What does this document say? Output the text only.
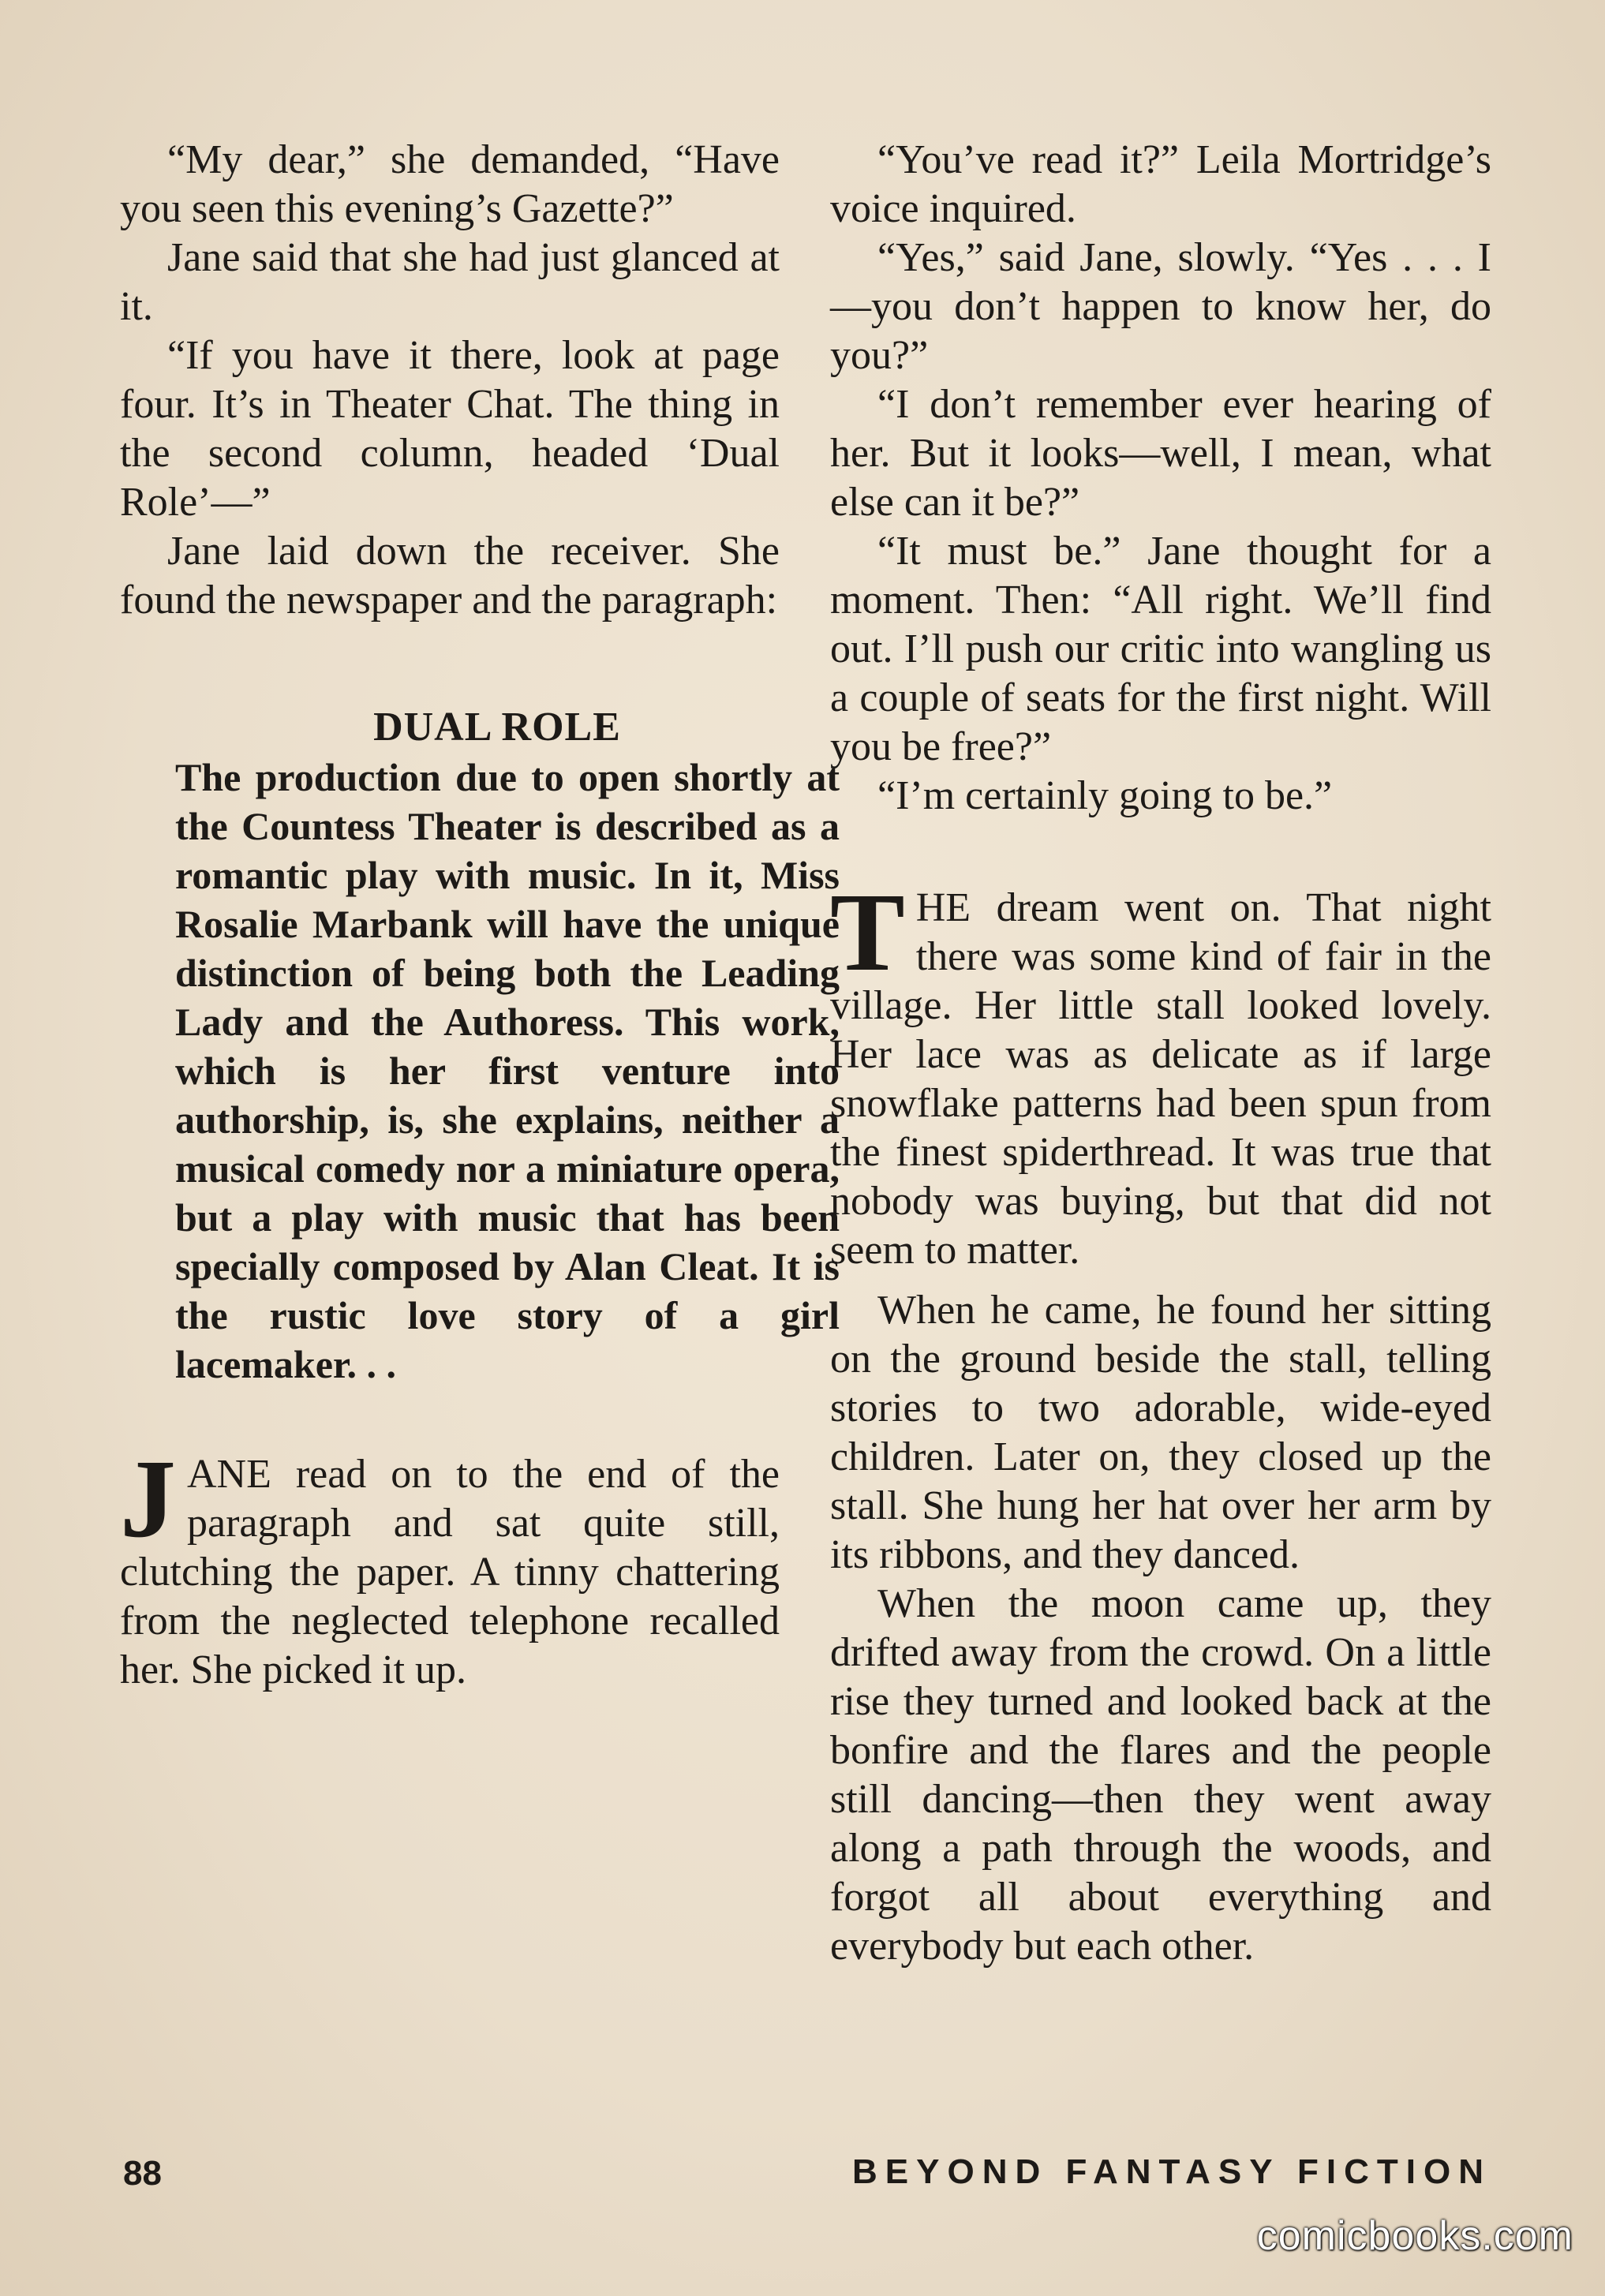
“My dear,” she demanded, “Have you seen this evening’s Gazette?”

Jane said that she had just glanced at it.

“If you have it there, look at page four. It’s in Theater Chat. The thing in the second column, headed ‘Dual Role’—”

Jane laid down the receiver. She found the newspaper and the paragraph:

DUAL ROLE

The production due to open shortly at the Countess Theater is described as a romantic play with music. In it, Miss Rosalie Marbank will have the unique distinction of being both the Leading Lady and the Authoress. This work, which is her first venture into authorship, is, she explains, neither a musical comedy nor a miniature opera, but a play with music that has been specially composed by Alan Cleat. It is the rustic love story of a girl lacemaker. . .

JANE read on to the end of the paragraph and sat quite still, clutching the paper. A tinny chattering from the neglected telephone recalled her. She picked it up.

“You’ve read it?” Leila Mortridge’s voice inquired.

“Yes,” said Jane, slowly. “Yes . . . I—you don’t happen to know her, do you?”

“I don’t remember ever hearing of her. But it looks—well, I mean, what else can it be?”

“It must be.” Jane thought for a moment. Then: “All right. We’ll find out. I’ll push our critic into wangling us a couple of seats for the first night. Will you be free?”

“I’m certainly going to be.”

THE dream went on. That night there was some kind of fair in the village. Her little stall looked lovely. Her lace was as delicate as if large snowflake patterns had been spun from the finest spiderthread. It was true that nobody was buying, but that did not seem to matter.

When he came, he found her sitting on the ground beside the stall, telling stories to two adorable, wide-eyed children. Later on, they closed up the stall. She hung her hat over her arm by its ribbons, and they danced.

When the moon came up, they drifted away from the crowd. On a little rise they turned and looked back at the bonfire and the flares and the people still dancing—then they went away along a path through the woods, and forgot all about everything and everybody but each other.

88	BEYOND FANTASY FICTION
comicbooks.com
